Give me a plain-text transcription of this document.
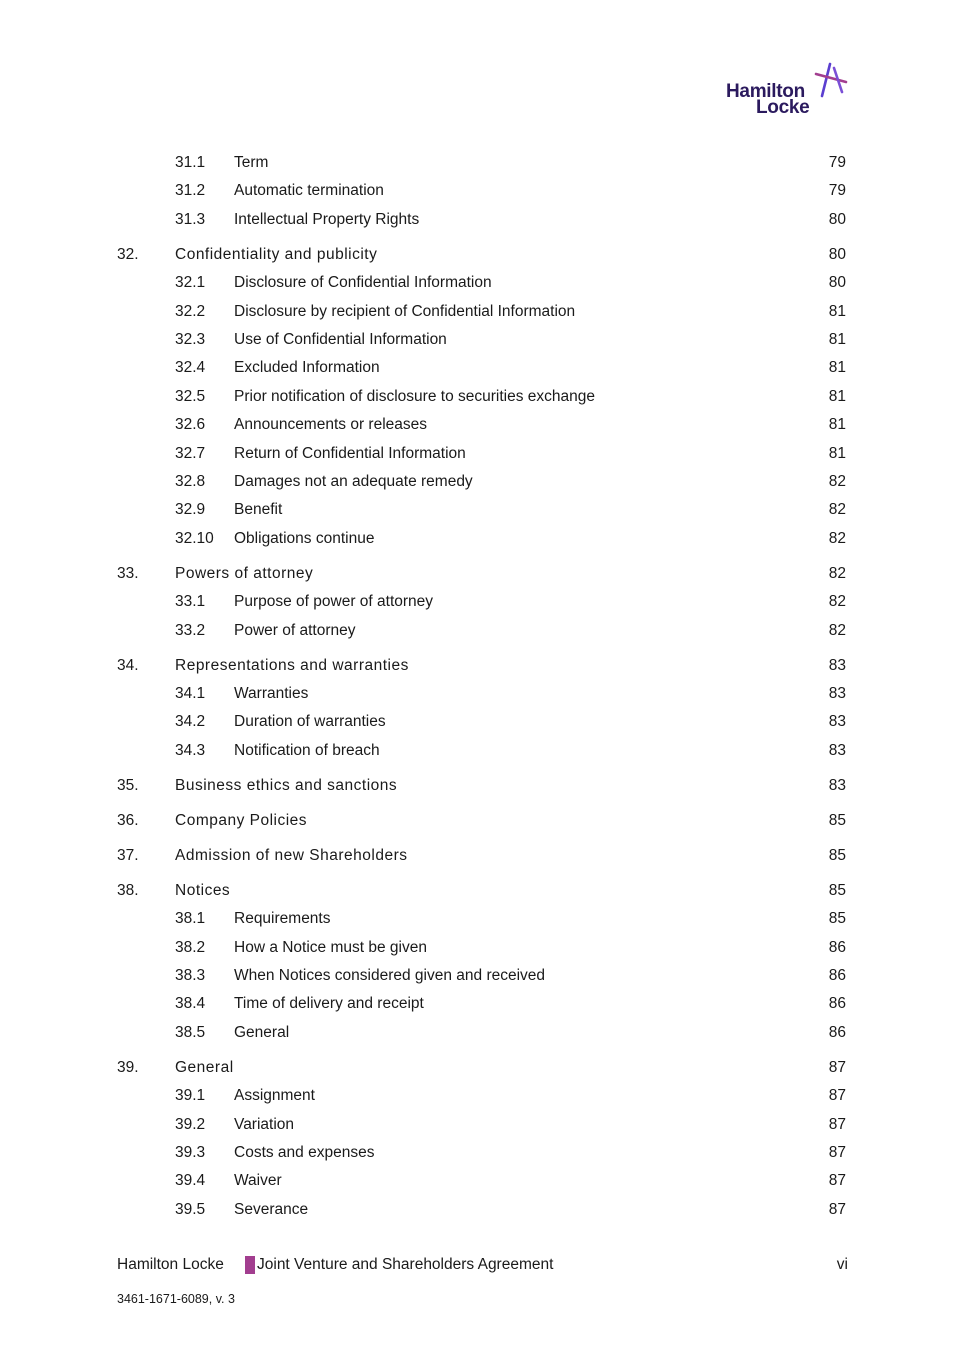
Hamilton
Locke
31.1 Term	79
31.2 Automatic termination	79
31.3 Intellectual Property Rights	80
32. Confidentiality and publicity	80
32.1 Disclosure of Confidential Information	80
32.2 Disclosure by recipient of Confidential Information	81
32.3 Use of Confidential Information	81
32.4 Excluded Information	81
32.5 Prior notification of disclosure to securities exchange	81
32.6 Announcements or releases	81
32.7 Return of Confidential Information	81
32.8 Damages not an adequate remedy	82
32.9 Benefit	82
32.10 Obligations continue	82
33. Powers of attorney	82
33.1 Purpose of power of attorney	82
33.2 Power of attorney	82
34. Representations and warranties	83
34.1 Warranties	83
34.2 Duration of warranties	83
34.3 Notification of breach	83
35. Business ethics and sanctions	83
36. Company Policies	85
37. Admission of new Shareholders	85
38. Notices	85
38.1 Requirements	85
38.2 How a Notice must be given	86
38.3 When Notices considered given and received	86
38.4 Time of delivery and receipt	86
38.5 General	86
39. General	87
39.1 Assignment	87
39.2 Variation	87
39.3 Costs and expenses	87
39.4 Waiver	87
39.5 Severance	87
Hamilton Locke Joint Venture and Shareholders Agreement	vi
3461-1671-6089, v. 3
